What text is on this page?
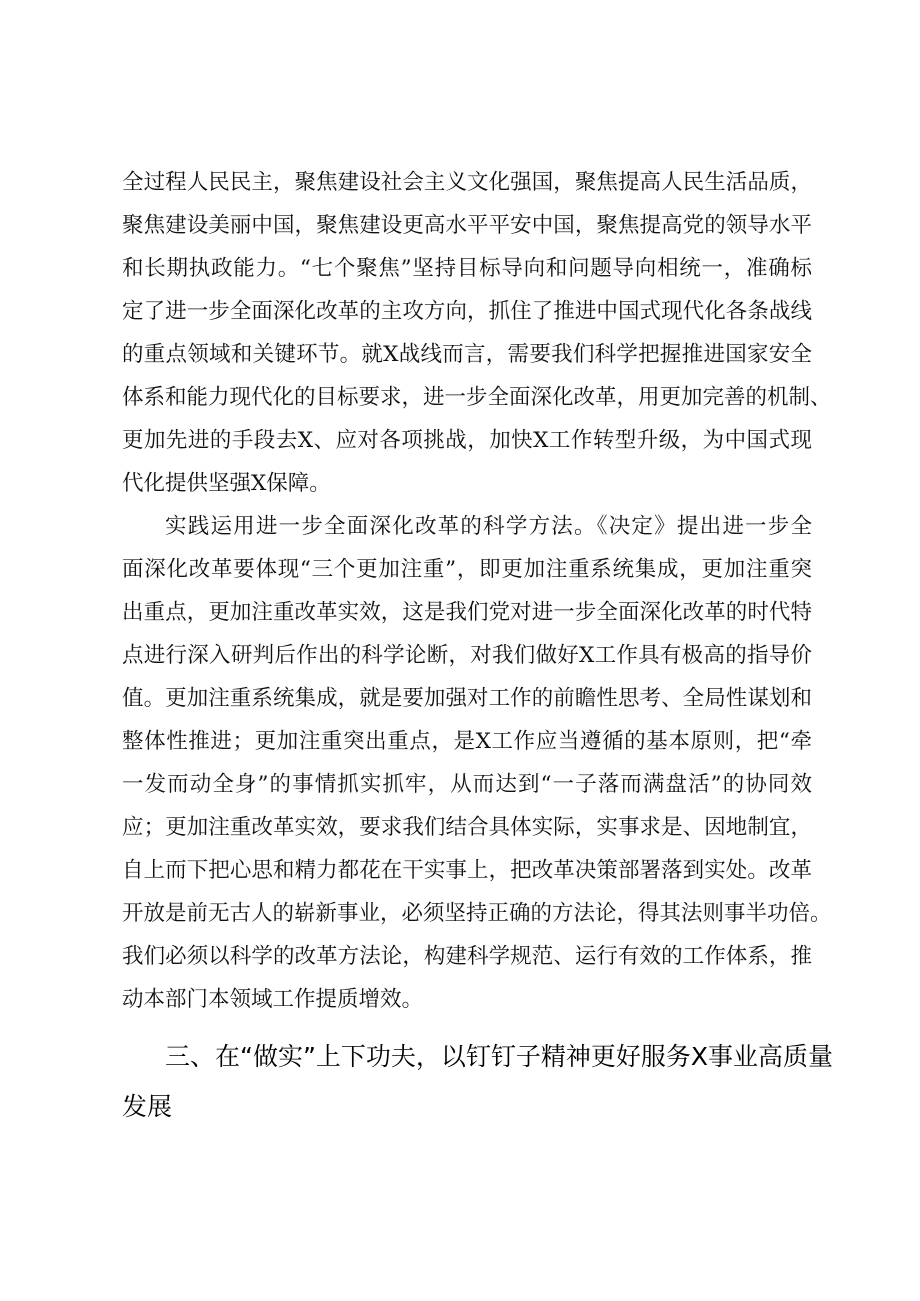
全过程人民民主，聚焦建设社会主义文化强国，聚焦提高人民生活品质，
聚焦建设美丽中国，聚焦建设更高水平平安中国，聚焦提高党的领导水平
和长期执政能力。“七个聚焦”坚持目标导向和问题导向相统一，准确标
定了进一步全面深化改革的主攻方向，抓住了推进中国式现代化各条战线
的重点领域和关键环节。就X战线而言，需要我们科学把握推进国家安全
体系和能力现代化的目标要求，进一步全面深化改革，用更加完善的机制、
更加先进的手段去X、应对各项挑战，加快X工作转型升级，为中国式现
代化提供坚强X保障。
实践运用进一步全面深化改革的科学方法。《决定》提出进一步全
面深化改革要体现“三个更加注重”，即更加注重系统集成，更加注重突
出重点，更加注重改革实效，这是我们党对进一步全面深化改革的时代特
点进行深入研判后作出的科学论断，对我们做好X工作具有极高的指导价
值。更加注重系统集成，就是要加强对工作的前瞻性思考、全局性谋划和
整体性推进；更加注重突出重点，是X工作应当遵循的基本原则，把“牵
一发而动全身”的事情抓实抓牢，从而达到“一子落而满盘活”的协同效
应；更加注重改革实效，要求我们结合具体实际，实事求是、因地制宜，
自上而下把心思和精力都花在干实事上，把改革决策部署落到实处。改革
开放是前无古人的崭新事业，必须坚持正确的方法论，得其法则事半功倍。
我们必须以科学的改革方法论，构建科学规范、运行有效的工作体系，推
动本部门本领域工作提质增效。
三、在“做实”上下功夫，以钉钉子精神更好服务X事业高质量
发展
